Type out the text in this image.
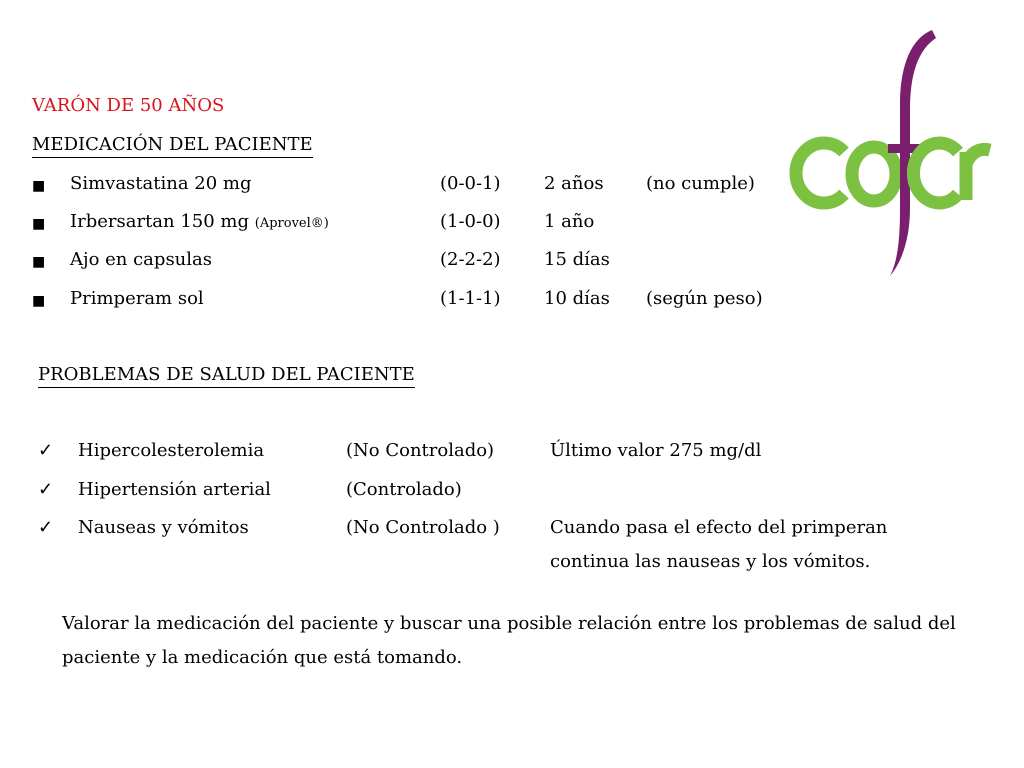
VARÓN DE 50 AÑOS
MEDICACIÓN DEL PACIENTE
■ Simvastatina 20 mg	(0-0-1) 2 años (no cumple)
■ Irbersartan 150 mg (Aprovel®)	(1-0-0) 1 año
■ Ajo en capsulas	(2-2-2) 15 días
■ Primperam sol	(1-1-1) 10 días (según peso)
PROBLEMAS DE SALUD DEL PACIENTE
✓ Hipercolesterolemia	(No Controlado)	Último valor 275 mg/dl
✓ Hipertensión arterial	(Controlado)
✓ Nauseas y vómitos	(No Controlado )	Cuando pasa el efecto del primperan continua las nauseas y los vómitos.
Valorar la medicación del paciente y buscar una posible relación entre los problemas de salud del paciente y la medicación que está tomando.
